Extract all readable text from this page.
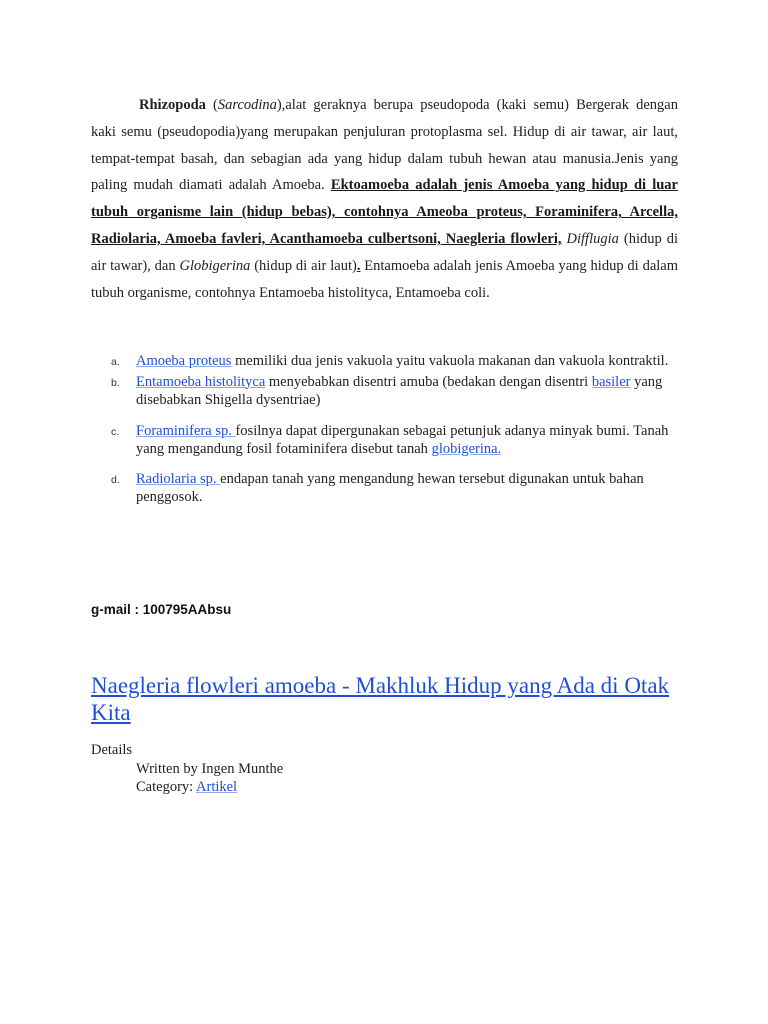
Rhizopoda (Sarcodina),alat geraknya berupa pseudopoda (kaki semu) Bergerak dengan kaki semu (pseudopodia)yang merupakan penjuluran protoplasma sel. Hidup di air tawar, air laut, tempat-tempat basah, dan sebagian ada yang hidup dalam tubuh hewan atau manusia.Jenis yang paling mudah diamati adalah Amoeba. Ektoamoeba adalah jenis Amoeba yang hidup di luar tubuh organisme lain (hidup bebas), contohnya Ameoba proteus, Foraminifera, Arcella, Radiolaria, Amoeba favleri, Acanthamoeba culbertsoni, Naegleria flowleri, Difflugia (hidup di air tawar), dan Globigerina (hidup di air laut). Entamoeba adalah jenis Amoeba yang hidup di dalam tubuh organisme, contohnya Entamoeba histolityca, Entamoeba coli.

a. Amoeba proteus memiliki dua jenis vakuola yaitu vakuola makanan dan vakuola kontraktil.
b. Entamoeba histolityca menyebabkan disentri amuba (bedakan dengan disentri basiler yang disebabkan Shigella dysentriae)
c. Foraminifera sp. fosilnya dapat dipergunakan sebagai petunjuk adanya minyak bumi. Tanah yang mengandung fosil fotaminifera disebut tanah globigerina.
d. Radiolaria sp. endapan tanah yang mengandung hewan tersebut digunakan untuk bahan penggosok.
g-mail : 100795AAbsu
Naegleria flowleri amoeba - Makhluk Hidup yang Ada di Otak Kita
Details
Written by Ingen Munthe
Category: Artikel
